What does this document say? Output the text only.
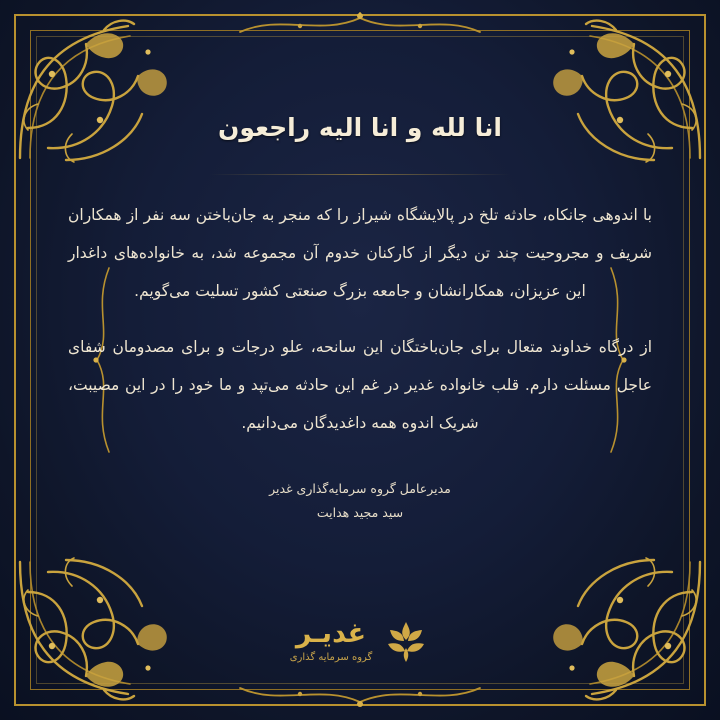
انا لله و انا اليه راجعون

با اندوهی جانکاه، حادثه تلخ در پالایشگاه شیراز را که منجر به جان‌باختن سه نفر از همکاران شریف و مجروحیت چند تن دیگر از کارکنان خدوم آن مجموعه شد، به خانواده‌های داغدار این عزیزان، همکارانشان و جامعه بزرگ صنعتی کشور تسلیت می‌گویم.

از درگاه خداوند متعال برای جان‌باختگان این سانحه، علو درجات و برای مصدومان شفای عاجل مسئلت دارم. قلب خانواده غدیر در غم این حادثه می‌تپد و ما خود را در این مصیبت، شریک اندوه همه داغدیدگان می‌دانیم.

مدیرعامل گروه سرمایه‌گذاری غدیر
سید مجید هدایت
غدیـر
گروه سرمایه گذاری
